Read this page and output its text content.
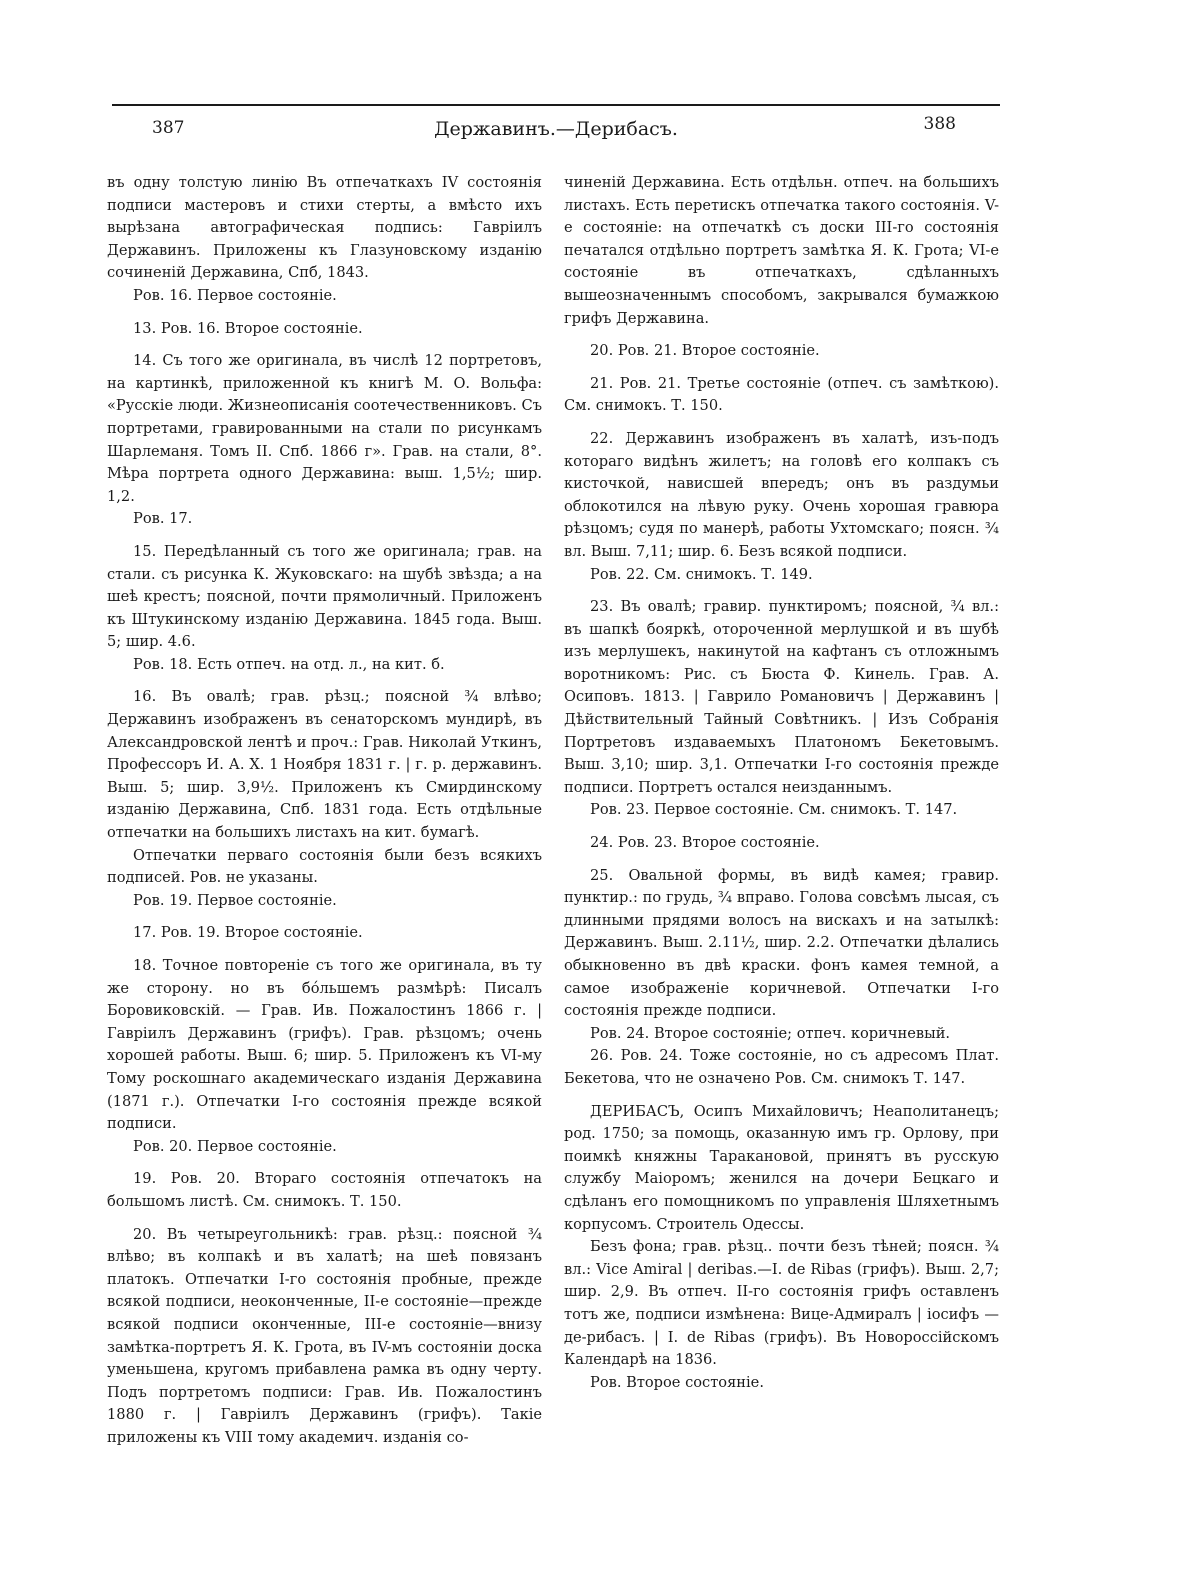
387	Державинъ.—Дерибасъ.	388

въ одну толстую линію Въ отпечаткахъ IV состоянія подписи мастеровъ и стихи стерты, а вмѣсто ихъ вырѣзана автографическая подпись: Гавріилъ Державинъ. Приложены къ Глазуновскому изданію сочиненій Державина, Спб, 1843.

Ров. 16. Первое состояніе.

13. Ров. 16. Второе состояніе.

14. Съ того же оригинала, въ числѣ 12 портретовъ, на картинкѣ, приложенной къ книгѣ М. О. Вольфа: «Русскіе люди. Жизнеописанія соотечественниковъ. Съ портретами, гравированными на стали по рисункамъ Шарлеманя. Томъ II. Спб. 1866 г». Грав. на стали, 8°. Мѣра портрета одного Державина: выш. 1,5½; шир. 1,2.

Ров. 17.

15. Передѣланный съ того же оригинала; грав. на стали. съ рисунка К. Жуковскаго: на шубѣ звѣзда; а на шеѣ крестъ; поясной, почти прямоличный. Приложенъ къ Штукинскому изданію Державина. 1845 года. Выш. 5; шир. 4.6.

Ров. 18. Есть отпеч. на отд. л., на кит. б.

16. Въ овалѣ; грав. рѣзц.; поясной ¾ влѣво; Державинъ изображенъ въ сенаторскомъ мундирѣ, въ Александровской лентѣ и проч.: Грав. Николай Уткинъ, Профессоръ И. А. Х. 1 Ноября 1831 г. | г. р. державинъ. Выш. 5; шир. 3,9½. Приложенъ къ Смирдинскому изданію Державина, Спб. 1831 года. Есть отдѣльные отпечатки на большихъ листахъ на кит. бумагѣ.

Отпечатки перваго состоянія были безъ всякихъ подписей. Ров. не указаны.

Ров. 19. Первое состояніе.

17. Ров. 19. Второе состояніе.

18. Точное повтореніе съ того же оригинала, въ ту же сторону. но въ бóльшемъ размѣрѣ: Писалъ Боровиковскій. — Грав. Ив. Пожалостинъ 1866 г. | Гавріилъ Державинъ (грифъ). Грав. рѣзцомъ; очень хорошей работы. Выш. 6; шир. 5. Приложенъ къ VI-му Тому роскошнаго академическаго изданія Державина (1871 г.). Отпечатки I-го состоянія прежде всякой подписи.

Ров. 20. Первое состояніе.

19. Ров. 20. Втораго состоянія отпечатокъ на большомъ листѣ. См. снимокъ. Т. 150.

20. Въ четыреугольникѣ: грав. рѣзц.: поясной ¾ влѣво; въ колпакѣ и въ халатѣ; на шеѣ повязанъ платокъ. Отпечатки I-го состоянія пробные, прежде всякой подписи, неоконченные, II-е состояніе—прежде всякой подписи оконченные, III-е состояніе—внизу замѣтка-портретъ Я. К. Грота, въ IV-мъ состояніи доска уменьшена, кругомъ прибавлена рамка въ одну черту. Подъ портретомъ подписи: Грав. Ив. Пожалостинъ 1880 г. | Гавріилъ Державинъ (грифъ). Такіе приложены къ VIII тому академич. изданія со-

чиненій Державина. Есть отдѣльн. отпеч. на большихъ листахъ. Есть перетискъ отпечатка такого состоянія. V-е состояніе: на отпечаткѣ съ доски III-го состоянія печатался отдѣльно портретъ замѣтка Я. К. Грота; VI-е состояніе въ отпечаткахъ, сдѣланныхъ вышеозначеннымъ способомъ, закрывался бумажкою грифъ Державина.

20. Ров. 21. Второе состояніе.

21. Ров. 21. Третье состояніе (отпеч. съ замѣткою). См. снимокъ. Т. 150.

22. Державинъ изображенъ въ халатѣ, изъ-подъ котораго видѣнъ жилетъ; на головѣ его колпакъ съ кисточкой, нависшей впередъ; онъ въ раздумьи облокотился на лѣвую руку. Очень хорошая гравюра рѣзцомъ; судя по манерѣ, работы Ухтомскаго; поясн. ¾ вл. Выш. 7,11; шир. 6. Безъ всякой подписи.

Ров. 22. См. снимокъ. Т. 149.

23. Въ овалѣ; гравир. пунктиромъ; поясной, ¾ вл.: въ шапкѣ бояркѣ, оторoченной мерлушкой и въ шубѣ изъ мерлушекъ, накинутой на кафтанъ съ отложнымъ воротникомъ: Рис. съ Бюста Ф. Кинель. Грав. А. Осиповъ. 1813. | Гаврило Романовичъ | Державинъ | Дѣйствительный Тайный Совѣтникъ. | Изъ Собранія Портретовъ издаваемыхъ Платономъ Бекетовымъ. Выш. 3,10; шир. 3,1. Отпечатки I-го состоянія прежде подписи. Портретъ остался неизданнымъ.

Ров. 23. Первое состояніе. См. снимокъ. Т. 147.

24. Ров. 23. Второе состояніе.

25. Овальной формы, въ видѣ камея; гравир. пунктир.: по грудь, ¾ вправо. Голова совсѣмъ лысая, съ длинными прядями волосъ на вискахъ и на затылкѣ: Державинъ. Выш. 2.11½, шир. 2.2. Отпечатки дѣлались обыкновенно въ двѣ краски. фонъ камея темной, а самое изображеніе коричневой. Отпечатки I-го состоянія прежде подписи.

Ров. 24. Второе состояніе; отпеч. коричневый.

26. Ров. 24. Тоже состояніе, но съ адресомъ Плат. Бекетова, что не означено Ров. См. снимокъ Т. 147.

ДЕРИБАСЪ, Осипъ Михайловичъ; Неаполитанецъ; род. 1750; за помощь, оказанную имъ гр. Орлову, при поимкѣ княжны Таракановой, принятъ въ русскую службу Маіоромъ; женился на дочери Бецкаго и сдѣланъ его помощникомъ по управленія Шляхетнымъ корпусомъ. Строитель Одессы.

Безъ фона; грав. рѣзц.. почти безъ тѣней; поясн. ¾ вл.: Vice Amiral | deribas.—I. de Ribas (грифъ). Выш. 2,7; шир. 2,9. Въ отпеч. II-го состоянія грифъ оставленъ тотъ же, подписи измѣнена: Вице-Адмиралъ | іосифъ — де-рибасъ. | I. de Ribas (грифъ). Въ Новороссійскомъ Календарѣ на 1836.

Ров. Второе состояніе.
